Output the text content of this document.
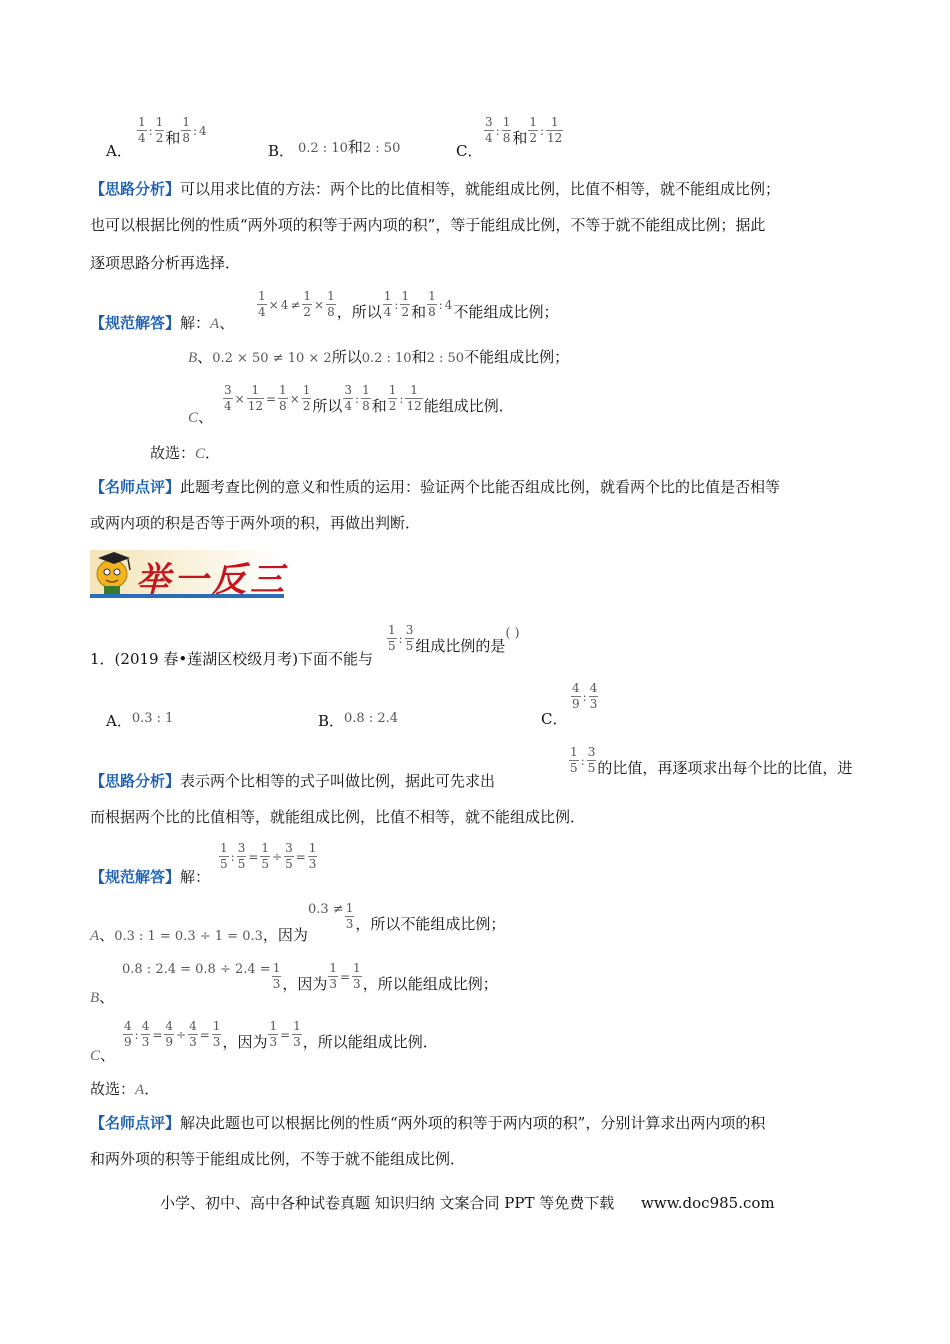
A．
$\frac{1}{4}$ : $\frac{1}{2}$ 和 $\frac{1}{8}$ : 4
B． 0.2 : 10和2 : 50	C．
$\frac{3}{4}$ : $\frac{1}{8}$ 和 $\frac{1}{2}$ : $\frac{1}{12}$
【思路分析】可以用求比值的方法：两个比的比值相等，就能组成比例，比值不相等，就不能组成比例；
也可以根据比例的性质“两外项的积等于两内项的积”，等于能组成比例，不等于就不能组成比例；据此
逐项思路分析再选择．
【规范解答】解：A、
$\frac{1}{4} \times 4 \ne \frac{1}{2} \times \frac{1}{8}$ ，所以 $\frac{1}{4}$ : $\frac{1}{2}$ 和 $\frac{1}{8}$ : 4不能组成比例；
B、0.2 × 50 ≠ 10 × 2所以0.2 : 10和2 : 50不能组成比例；
C、
$\frac{3}{4} \times \frac{1}{12} = \frac{1}{8} \times \frac{1}{2}$ 所以 $\frac{3}{4}$ : $\frac{1}{8}$ 和 $\frac{1}{2}$ : $\frac{1}{12}$ 能组成比例．
故选：C．
【名师点评】此题考查比例的意义和性质的运用：验证两个比能否组成比例，就看两个比的比值是否相等
或两内项的积是否等于两外项的积，再做出判断．
举一反三
1．(2019 春•莲湖区校级月考)下面不能与
$\frac{1}{5}$ : $\frac{3}{5}$ 组成比例的是( )
A．0.3 : 1	B．0.8 : 2.4	C．
$\frac{4}{9}$ : $\frac{4}{3}$
【思路分析】表示两个比相等的式子叫做比例，据此可先求出
$\frac{1}{5}$ : $\frac{3}{5}$ 的比值，再逐项求出每个比的比值，进
而根据两个比的比值相等，就能组成比例，比值不相等，就不能组成比例．
【规范解答】解：
$\frac{1}{5}$ : $\frac{3}{5} = \frac{1}{5} \div \frac{3}{5} = \frac{1}{3}$
A、0.3 : 1 = 0.3 ÷ 1 = 0.3，因为
$^{0.3 \ne} \frac{1}{3}$ ，所以不能组成比例；
B、
$^{0.8 : 2.4 = 0.8 \div 2.4 =} \frac{1}{3}$ ，因为 $\frac{1}{3} = \frac{1}{3}$ ，所以能组成比例；
C、
$\frac{4}{9}$ : $\frac{4}{3} = \frac{4}{9} \div \frac{4}{3} = \frac{1}{3}$ ，因为 $\frac{1}{3} = \frac{1}{3}$ ，所以能组成比例．
故选：A．
【名师点评】解决此题也可以根据比例的性质“两外项的积等于两内项的积”，分别计算求出两内项的积
和两外项的积等于能组成比例，不等于就不能组成比例．
小学、初中、高中各种试卷真题 知识归纳 文案合同 PPT 等免费下载 www.doc985.com
